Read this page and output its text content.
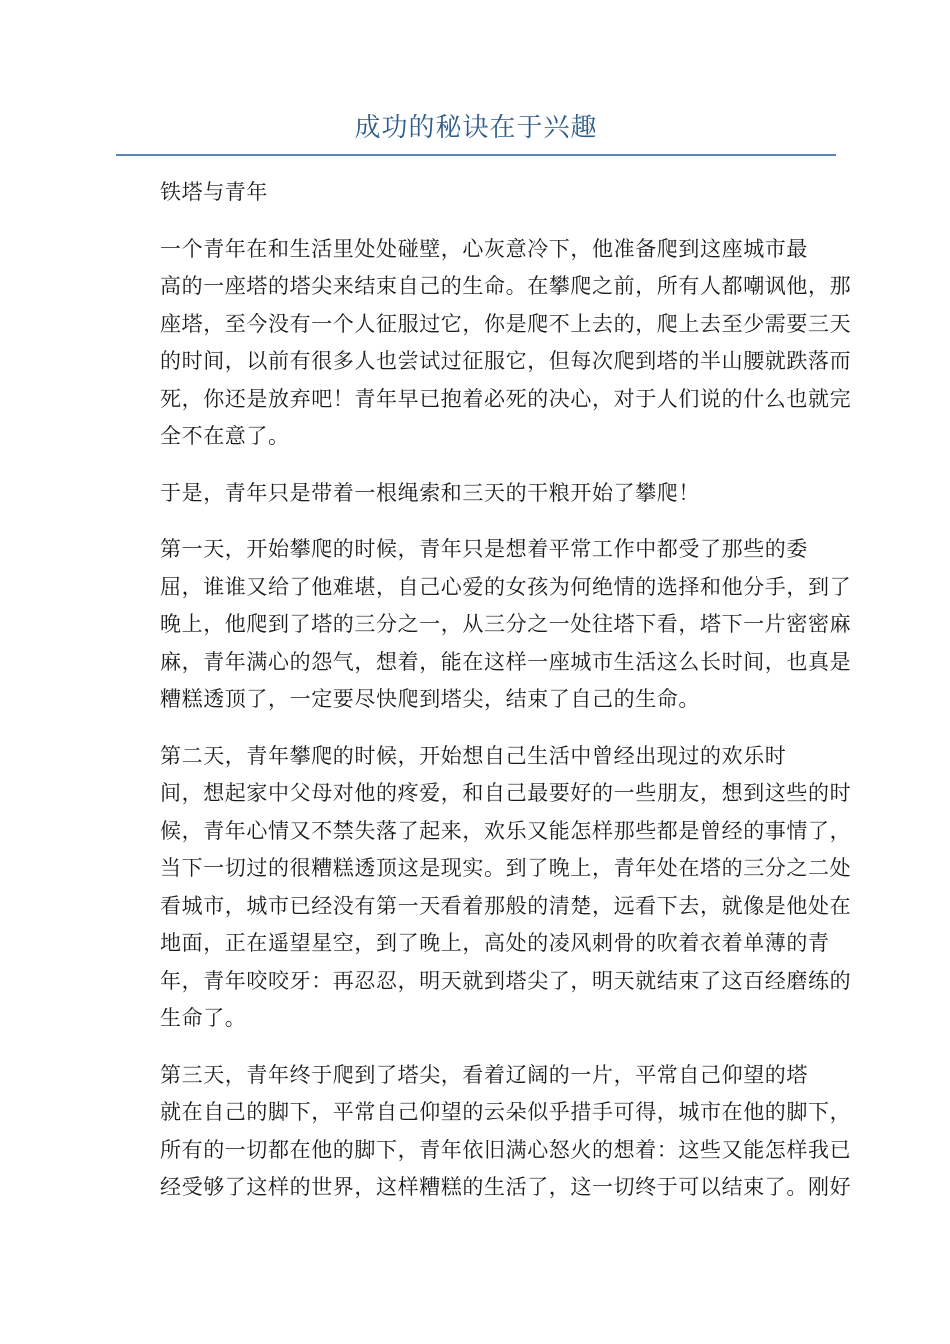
成功的秘诀在于兴趣

铁塔与青年

一个青年在和生活里处处碰壁，心灰意冷下，他准备爬到这座城市最
高的一座塔的塔尖来结束自己的生命。在攀爬之前，所有人都嘲讽他，那
座塔，至今没有一个人征服过它，你是爬不上去的，爬上去至少需要三天
的时间，以前有很多人也尝试过征服它，但每次爬到塔的半山腰就跌落而
死，你还是放弃吧！青年早已抱着必死的决心，对于人们说的什么也就完
全不在意了。

于是，青年只是带着一根绳索和三天的干粮开始了攀爬！

第一天，开始攀爬的时候，青年只是想着平常工作中都受了那些的委
屈，谁谁又给了他难堪，自己心爱的女孩为何绝情的选择和他分手，到了
晚上，他爬到了塔的三分之一，从三分之一处往塔下看，塔下一片密密麻
麻，青年满心的怨气，想着，能在这样一座城市生活这么长时间，也真是
糟糕透顶了，一定要尽快爬到塔尖，结束了自己的生命。

第二天，青年攀爬的时候，开始想自己生活中曾经出现过的欢乐时
间，想起家中父母对他的疼爱，和自己最要好的一些朋友，想到这些的时
候，青年心情又不禁失落了起来，欢乐又能怎样那些都是曾经的事情了，
当下一切过的很糟糕透顶这是现实。到了晚上，青年处在塔的三分之二处
看城市，城市已经没有第一天看着那般的清楚，远看下去，就像是他处在
地面，正在遥望星空，到了晚上，高处的凌风刺骨的吹着衣着单薄的青
年，青年咬咬牙：再忍忍，明天就到塔尖了，明天就结束了这百经磨练的
生命了。

第三天，青年终于爬到了塔尖，看着辽阔的一片，平常自己仰望的塔
就在自己的脚下，平常自己仰望的云朵似乎措手可得，城市在他的脚下，
所有的一切都在他的脚下，青年依旧满心怒火的想着：这些又能怎样我已
经受够了这样的世界，这样糟糕的生活了，这一切终于可以结束了。刚好
